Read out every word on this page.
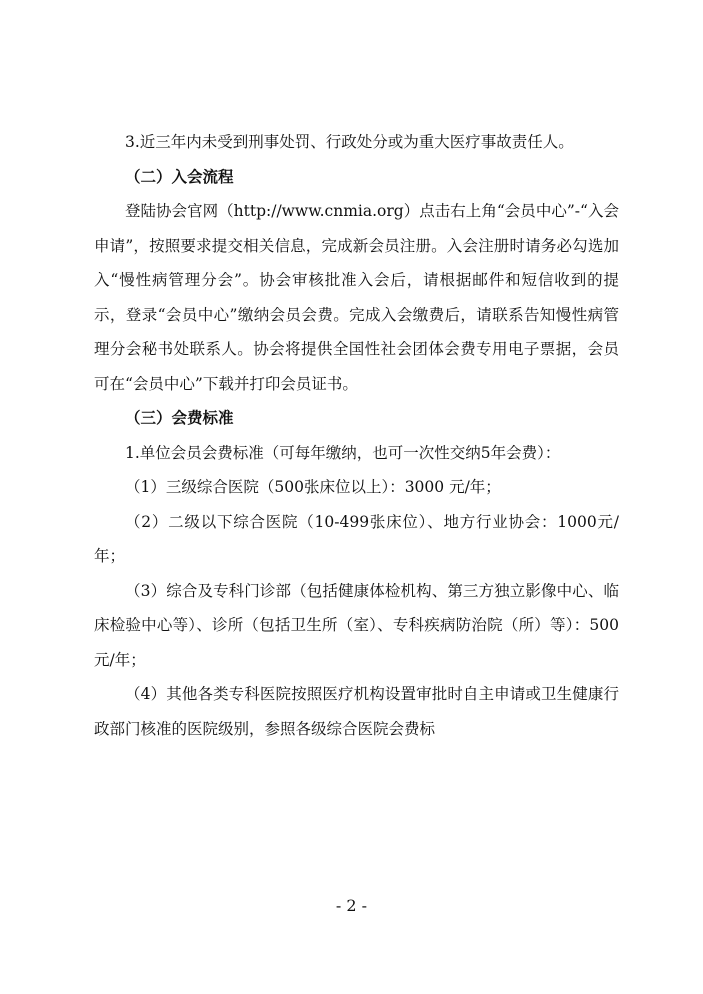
3.近三年内未受到刑事处罚、行政处分或为重大医疗事故责任人。

（二）入会流程

登陆协会官网（http://www.cnmia.org）点击右上角“会员中心”-“入会申请”，按照要求提交相关信息，完成新会员注册。入会注册时请务必勾选加入“慢性病管理分会”。协会审核批准入会后，请根据邮件和短信收到的提示，登录“会员中心”缴纳会员会费。完成入会缴费后，请联系告知慢性病管理分会秘书处联系人。协会将提供全国性社会团体会费专用电子票据，会员可在“会员中心”下载并打印会员证书。

（三）会费标准

1.单位会员会费标准（可每年缴纳，也可一次性交纳5年会费）：

（1）三级综合医院（500张床位以上）：3000 元/年；

（2）二级以下综合医院（10-499张床位）、地方行业协会：1000元/年；

（3）综合及专科门诊部（包括健康体检机构、第三方独立影像中心、临床检验中心等）、诊所（包括卫生所（室）、专科疾病防治院（所）等）：500元/年；

（4）其他各类专科医院按照医疗机构设置审批时自主申请或卫生健康行政部门核准的医院级别，参照各级综合医院会费标

- 2 -
